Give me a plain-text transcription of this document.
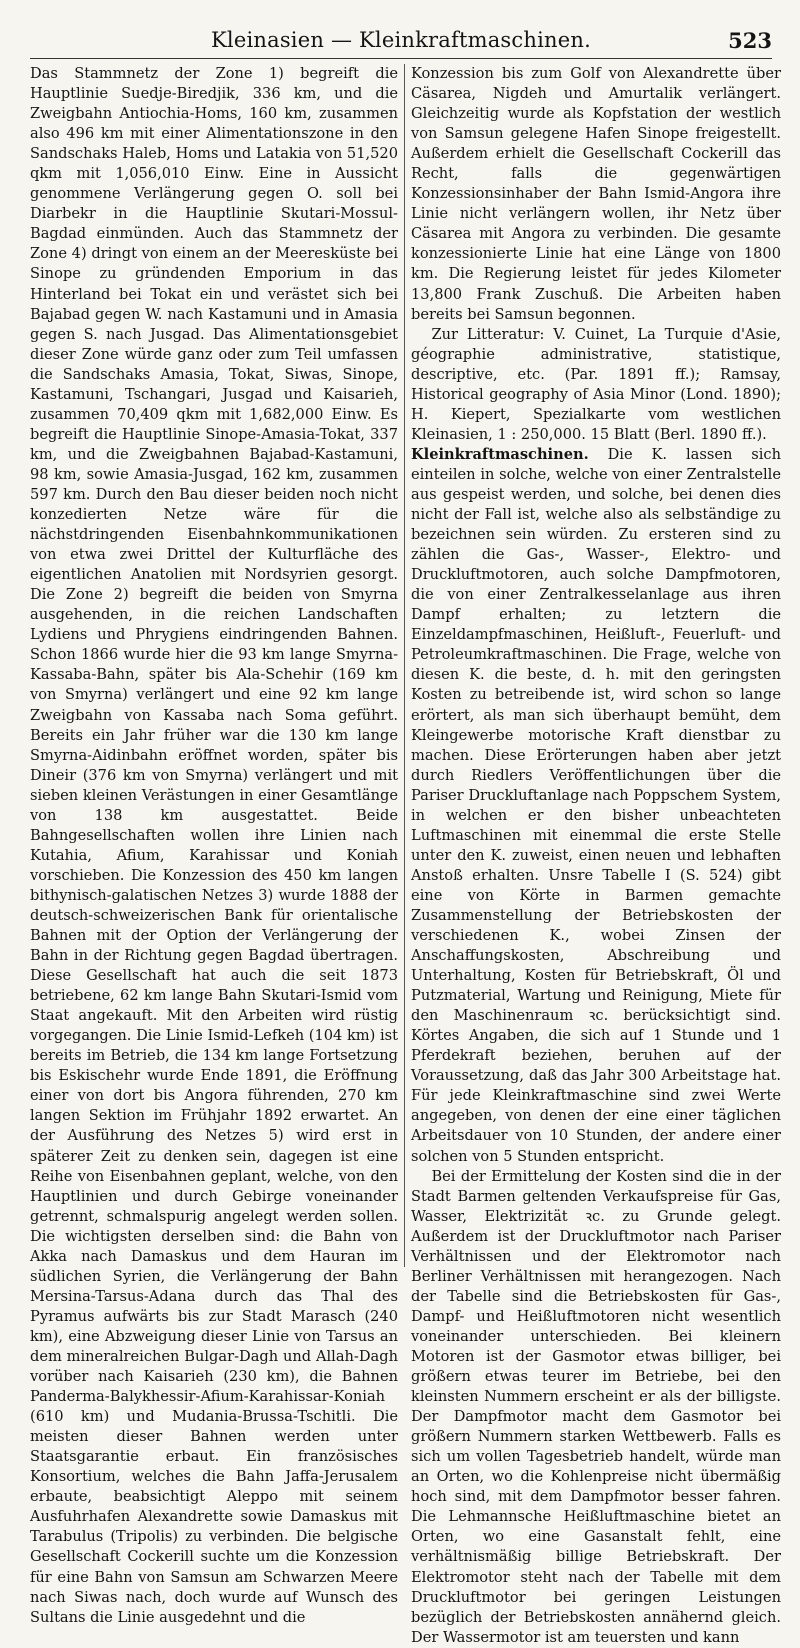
Kleinasien — Kleinkraftmaschinen.	523

Das Stammnetz der Zone 1) begreift die Hauptlinie Suedje-Biredjik, 336 km, und die Zweigbahn Antiochia-Homs, 160 km, zusammen also 496 km mit einer Alimentationszone in den Sandschaks Haleb, Homs und Latakia von 51,520 qkm mit 1,056,010 Einw. Eine in Aussicht genommene Verlängerung gegen O. soll bei Diarbekr in die Hauptlinie Skutari-Mossul-Bagdad einmünden. Auch das Stammnetz der Zone 4) dringt von einem an der Meeresküste bei Sinope zu gründenden Emporium in das Hinterland bei Tokat ein und verästet sich bei Bajabad gegen W. nach Kastamuni und in Amasia gegen S. nach Jusgad. Das Alimentationsgebiet dieser Zone würde ganz oder zum Teil umfassen die Sandschaks Amasia, Tokat, Siwas, Sinope, Kastamuni, Tschangari, Jusgad und Kaisarieh, zusammen 70,409 qkm mit 1,682,000 Einw. Es begreift die Hauptlinie Sinope-Amasia-Tokat, 337 km, und die Zweigbahnen Bajabad-Kastamuni, 98 km, sowie Amasia-Jusgad, 162 km, zusammen 597 km. Durch den Bau dieser beiden noch nicht konzedierten Netze wäre für die nächstdringenden Eisenbahnkommunikationen von etwa zwei Drittel der Kulturfläche des eigentlichen Anatolien mit Nordsyrien gesorgt. Die Zone 2) begreift die beiden von Smyrna ausgehenden, in die reichen Landschaften Lydiens und Phrygiens eindringenden Bahnen. Schon 1866 wurde hier die 93 km lange Smyrna-Kassaba-Bahn, später bis Ala-Schehir (169 km von Smyrna) verlängert und eine 92 km lange Zweigbahn von Kassaba nach Soma geführt. Bereits ein Jahr früher war die 130 km lange Smyrna-Aidinbahn eröffnet worden, später bis Dineir (376 km von Smyrna) verlängert und mit sieben kleinen Verästungen in einer Gesamtlänge von 138 km ausgestattet. Beide Bahngesellschaften wollen ihre Linien nach Kutahia, Afium, Karahissar und Koniah vorschieben. Die Konzession des 450 km langen bithynisch-galatischen Netzes 3) wurde 1888 der deutsch-schweizerischen Bank für orientalische Bahnen mit der Option der Verlängerung der Bahn in der Richtung gegen Bagdad übertragen. Diese Gesellschaft hat auch die seit 1873 betriebene, 62 km lange Bahn Skutari-Ismid vom Staat angekauft. Mit den Arbeiten wird rüstig vorgegangen. Die Linie Ismid-Lefkeh (104 km) ist bereits im Betrieb, die 134 km lange Fortsetzung bis Eskischehr wurde Ende 1891, die Eröffnung einer von dort bis Angora führenden, 270 km langen Sektion im Frühjahr 1892 erwartet. An der Ausführung des Netzes 5) wird erst in späterer Zeit zu denken sein, dagegen ist eine Reihe von Eisenbahnen geplant, welche, von den Hauptlinien und durch Gebirge voneinander getrennt, schmalspurig angelegt werden sollen. Die wichtigsten derselben sind: die Bahn von Akka nach Damaskus und dem Hauran im südlichen Syrien, die Verlängerung der Bahn Mersina-Tarsus-Adana durch das Thal des Pyramus aufwärts bis zur Stadt Marasch (240 km), eine Abzweigung dieser Linie von Tarsus an dem mineralreichen Bulgar-Dagh und Allah-Dagh vorüber nach Kaisarieh (230 km), die Bahnen Panderma-Balykhessir-Afium-Karahissar-Koniah (610 km) und Mudania-Brussa-Tschitli. Die meisten dieser Bahnen werden unter Staatsgarantie erbaut. Ein französisches Konsortium, welches die Bahn Jaffa-Jerusalem erbaute, beabsichtigt Aleppo mit seinem Ausfuhrhafen Alexandrette sowie Damaskus mit Tarabulus (Tripolis) zu verbinden. Die belgische Gesellschaft Cockerill suchte um die Konzession für eine Bahn von Samsun am Schwarzen Meere nach Siwas nach, doch wurde auf Wunsch des Sultans die Linie ausgedehnt und die

Konzession bis zum Golf von Alexandrette über Cäsarea, Nigdeh und Amurtalik verlängert. Gleichzeitig wurde als Kopfstation der westlich von Samsun gelegene Hafen Sinope freigestellt. Außerdem erhielt die Gesellschaft Cockerill das Recht, falls die gegenwärtigen Konzessionsinhaber der Bahn Ismid-Angora ihre Linie nicht verlängern wollen, ihr Netz über Cäsarea mit Angora zu verbinden. Die gesamte konzessionierte Linie hat eine Länge von 1800 km. Die Regierung leistet für jedes Kilometer 13,800 Frank Zuschuß. Die Arbeiten haben bereits bei Samsun begonnen.

Zur Litteratur: V. Cuinet, La Turquie d'Asie, géographie administrative, statistique, descriptive, etc. (Par. 1891 ff.); Ramsay, Historical geography of Asia Minor (Lond. 1890); H. Kiepert, Spezialkarte vom westlichen Kleinasien, 1 : 250,000. 15 Blatt (Berl. 1890 ff.).

Kleinkraftmaschinen. Die K. lassen sich einteilen in solche, welche von einer Zentralstelle aus gespeist werden, und solche, bei denen dies nicht der Fall ist, welche also als selbständige zu bezeichnen sein würden. Zu ersteren sind zu zählen die Gas-, Wasser-, Elektro- und Druckluftmotoren, auch solche Dampfmotoren, die von einer Zentralkesselanlage aus ihren Dampf erhalten; zu letztern die Einzeldampfmaschinen, Heißluft-, Feuerluft- und Petroleumkraftmaschinen. Die Frage, welche von diesen K. die beste, d. h. mit den geringsten Kosten zu betreibende ist, wird schon so lange erörtert, als man sich überhaupt bemüht, dem Kleingewerbe motorische Kraft dienstbar zu machen. Diese Erörterungen haben aber jetzt durch Riedlers Veröffentlichungen über die Pariser Druckluftanlage nach Poppschem System, in welchen er den bisher unbeachteten Luftmaschinen mit einemmal die erste Stelle unter den K. zuweist, einen neuen und lebhaften Anstoß erhalten. Unsre Tabelle I (S. 524) gibt eine von Körte in Barmen gemachte Zusammenstellung der Betriebskosten der verschiedenen K., wobei Zinsen der Anschaffungskosten, Abschreibung und Unterhaltung, Kosten für Betriebskraft, Öl und Putzmaterial, Wartung und Reinigung, Miete für den Maschinenraum ꝛc. berücksichtigt sind. Körtes Angaben, die sich auf 1 Stunde und 1 Pferdekraft beziehen, beruhen auf der Voraussetzung, daß das Jahr 300 Arbeitstage hat. Für jede Kleinkraftmaschine sind zwei Werte angegeben, von denen der eine einer täglichen Arbeitsdauer von 10 Stunden, der andere einer solchen von 5 Stunden entspricht.

Bei der Ermittelung der Kosten sind die in der Stadt Barmen geltenden Verkaufspreise für Gas, Wasser, Elektrizität ꝛc. zu Grunde gelegt. Außerdem ist der Druckluftmotor nach Pariser Verhältnissen und der Elektromotor nach Berliner Verhältnissen mit herangezogen. Nach der Tabelle sind die Betriebskosten für Gas-, Dampf- und Heißluftmotoren nicht wesentlich voneinander unterschieden. Bei kleinern Motoren ist der Gasmotor etwas billiger, bei größern etwas teurer im Betriebe, bei den kleinsten Nummern erscheint er als der billigste. Der Dampfmotor macht dem Gasmotor bei größern Nummern starken Wettbewerb. Falls es sich um vollen Tagesbetrieb handelt, würde man an Orten, wo die Kohlenpreise nicht übermäßig hoch sind, mit dem Dampfmotor besser fahren. Die Lehmannsche Heißluftmaschine bietet an Orten, wo eine Gasanstalt fehlt, eine verhältnismäßig billige Betriebskraft. Der Elektromotor steht nach der Tabelle mit dem Druckluftmotor bei geringen Leistungen bezüglich der Betriebskosten annähernd gleich. Der Wassermotor ist am teuersten und kann
